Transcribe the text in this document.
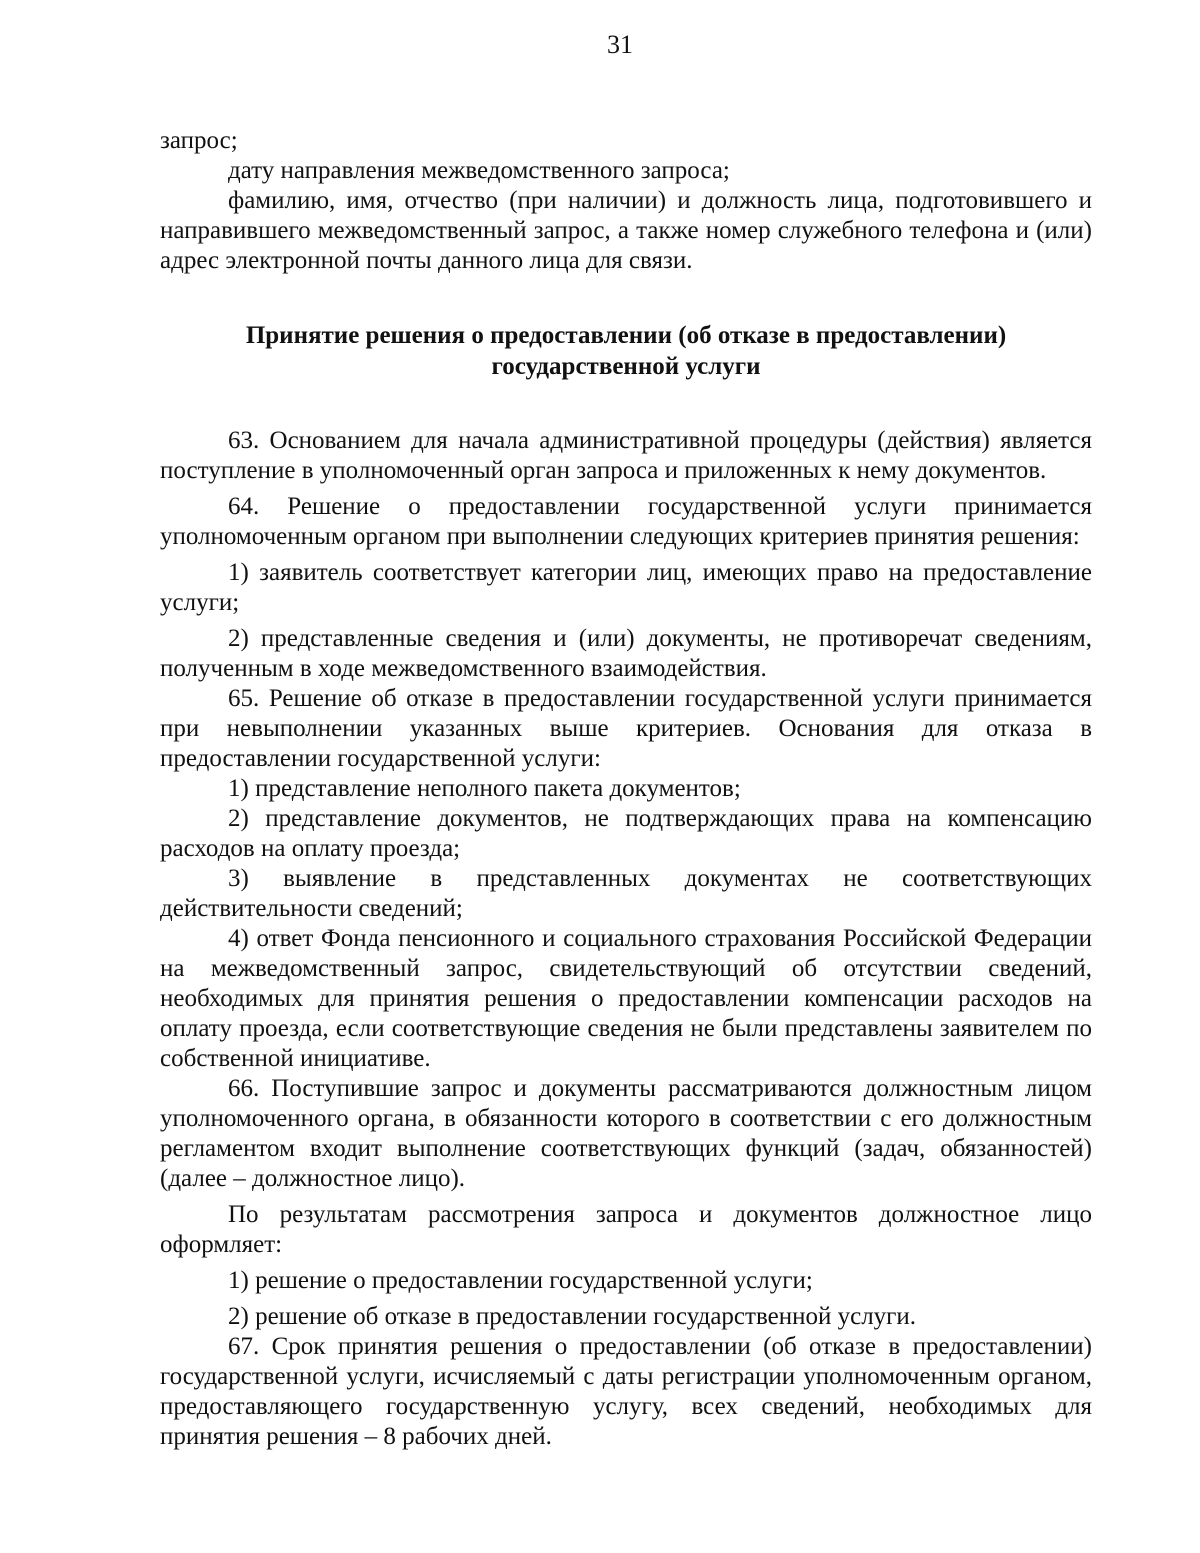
31

запрос;

дату направления межведомственного запроса;

фамилию, имя, отчество (при наличии) и должность лица, подготовившего и направившего межведомственный запрос, а также номер служебного телефона и (или) адрес электронной почты данного лица для связи.

Принятие решения о предоставлении (об отказе в предоставлении)
государственной услуги

63. Основанием для начала административной процедуры (действия) является поступление в уполномоченный орган запроса и приложенных к нему документов.

64. Решение о предоставлении государственной услуги принимается уполномоченным органом при выполнении следующих критериев принятия решения:

1) заявитель соответствует категории лиц, имеющих право на предоставление услуги;

2) представленные сведения и (или) документы, не противоречат сведениям, полученным в ходе межведомственного взаимодействия.

65. Решение об отказе в предоставлении государственной услуги принимается при невыполнении указанных выше критериев. Основания для отказа в предоставлении государственной услуги:

1) представление неполного пакета документов;

2) представление документов, не подтверждающих права на компенсацию расходов на оплату проезда;

3) выявление в представленных документах не соответствующих действительности сведений;

4) ответ Фонда пенсионного и социального страхования Российской Федерации на межведомственный запрос, свидетельствующий об отсутствии сведений, необходимых для принятия решения о предоставлении компенсации расходов на оплату проезда, если соответствующие сведения не были представлены заявителем по собственной инициативе.

66. Поступившие запрос и документы рассматриваются должностным лицом уполномоченного органа, в обязанности которого в соответствии с его должностным регламентом входит выполнение соответствующих функций (задач, обязанностей) (далее – должностное лицо).

По результатам рассмотрения запроса и документов должностное лицо оформляет:

1) решение о предоставлении государственной услуги;

2) решение об отказе в предоставлении государственной услуги.

67. Срок принятия решения о предоставлении (об отказе в предоставлении) государственной услуги, исчисляемый с даты регистрации уполномоченным органом, предоставляющего государственную услугу, всех сведений, необходимых для принятия решения – 8 рабочих дней.
